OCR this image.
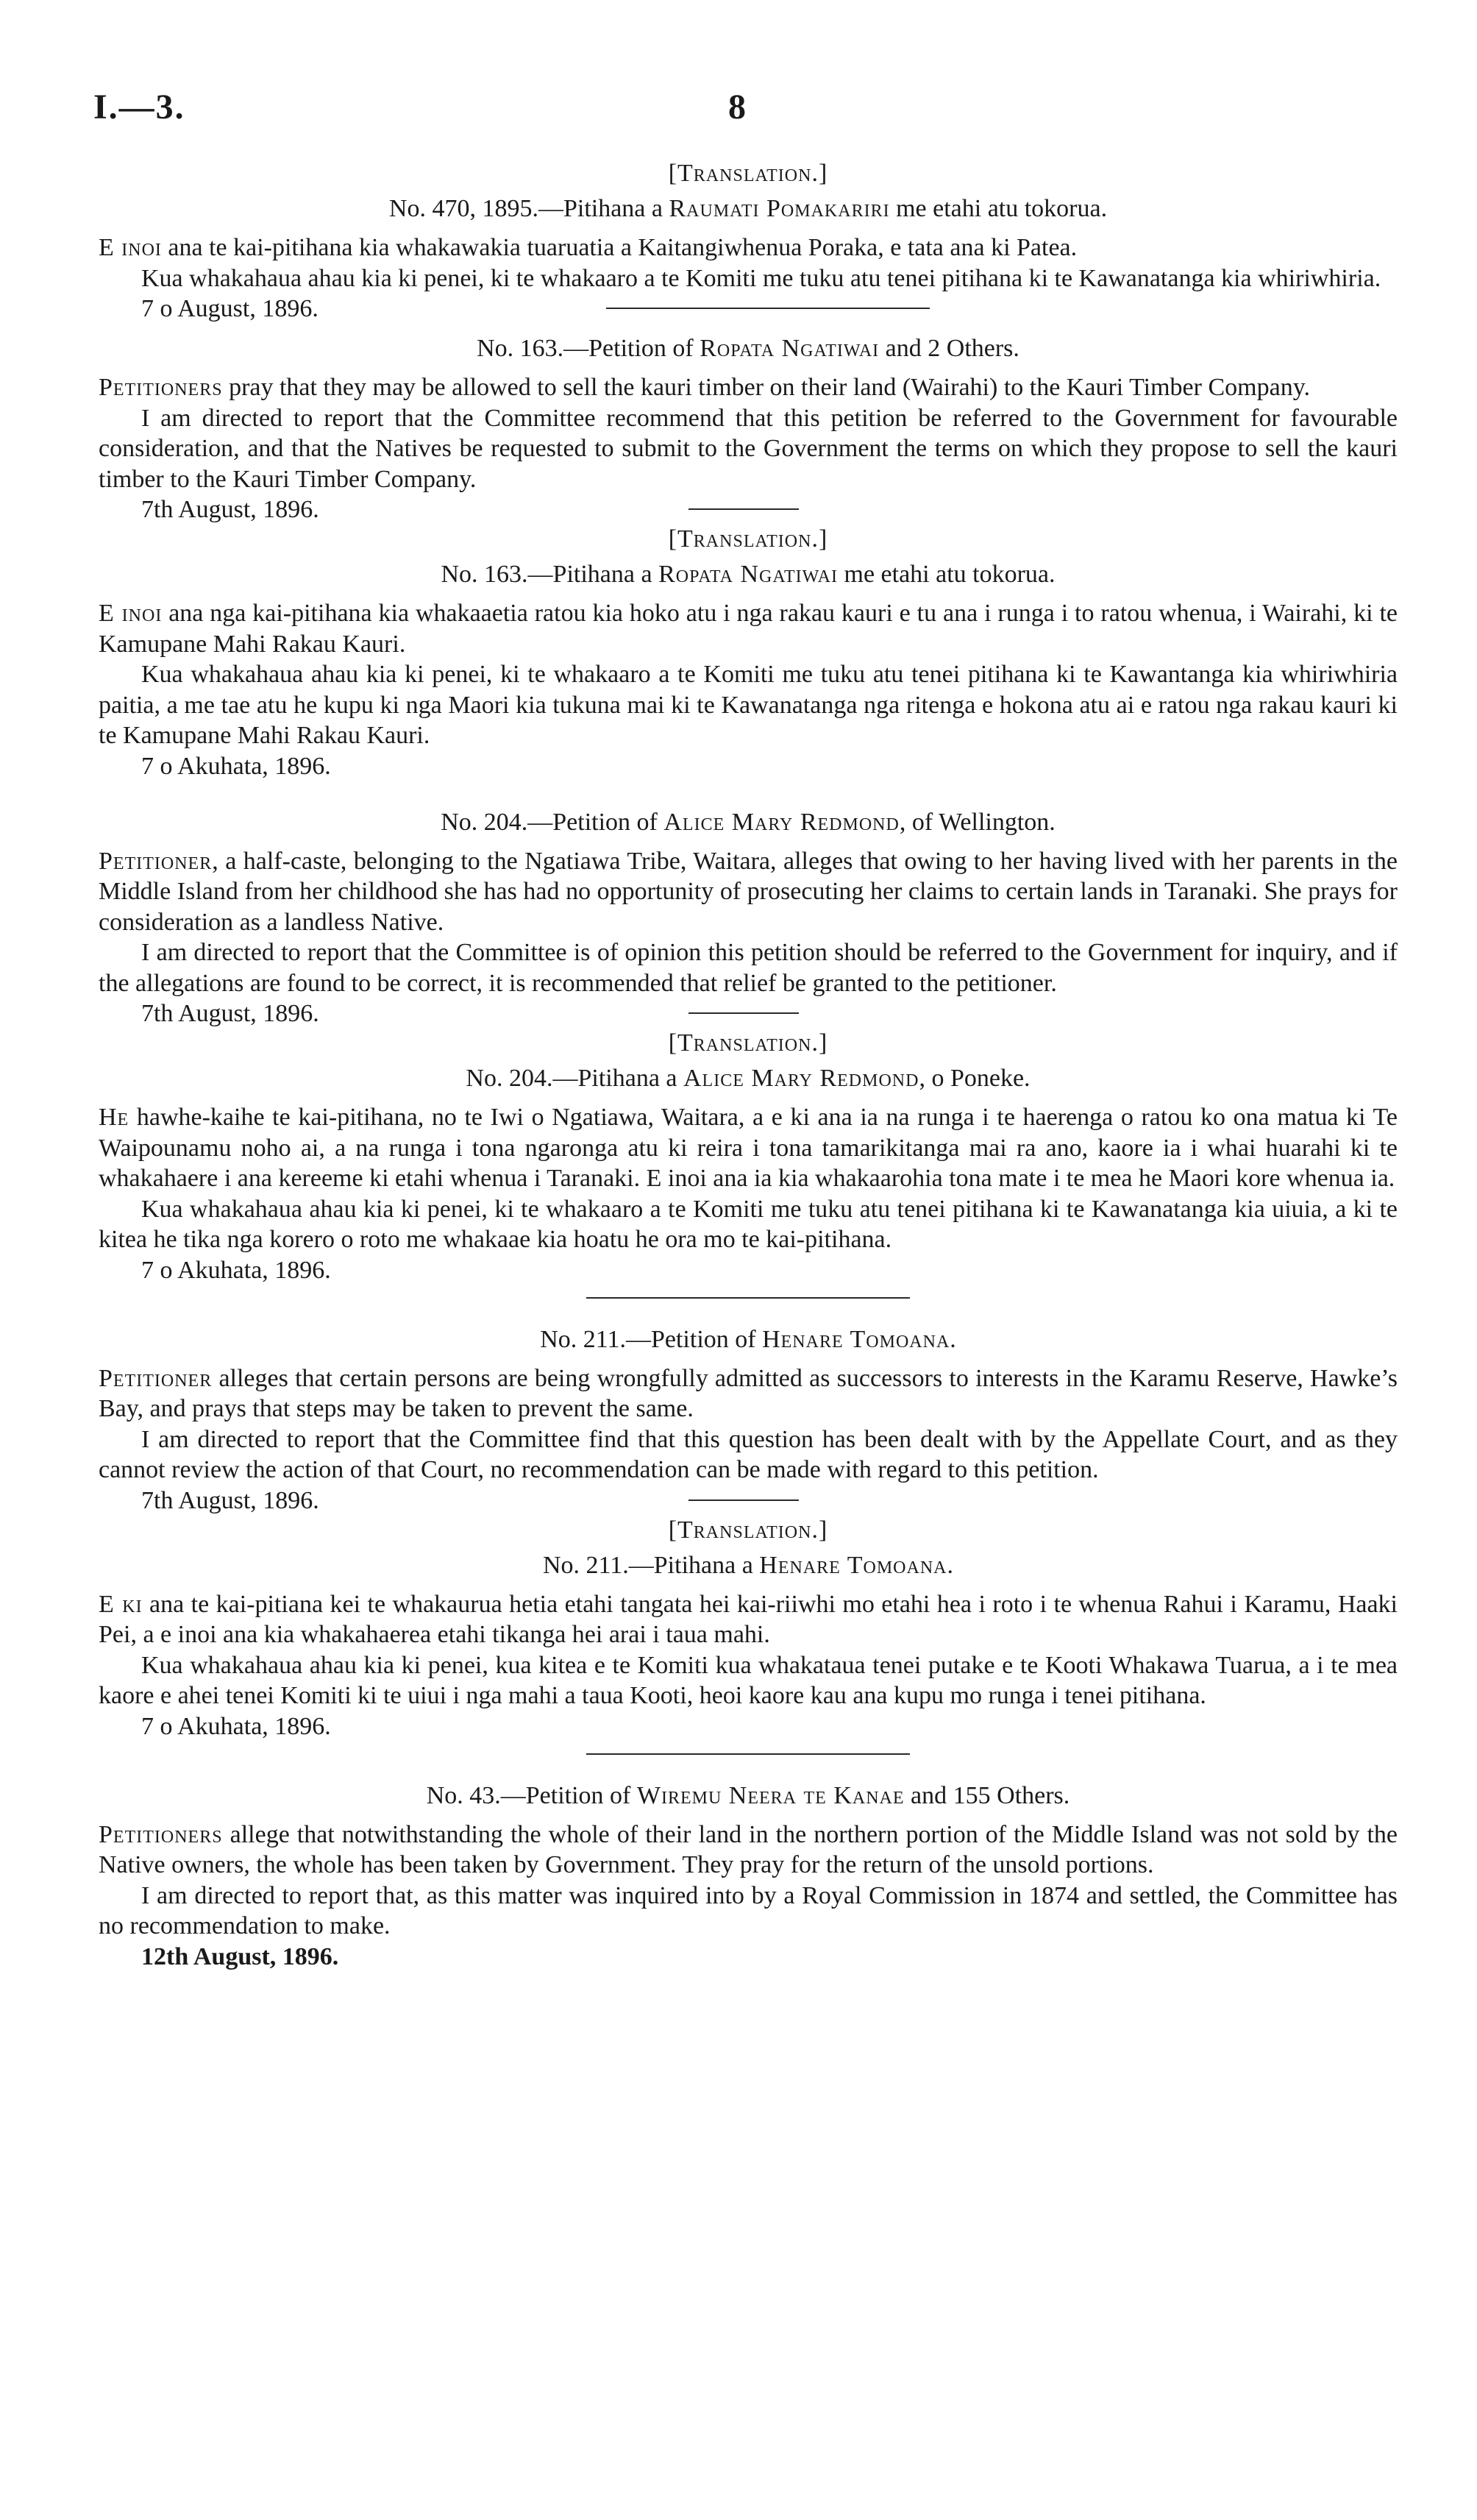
I.—3.	8

[Translation.]

No. 470, 1895.—Pitihana a Raumati Pomakariri me etahi atu tokorua.

E inoi ana te kai-pitihana kia whakawakia tuaruatia a Kaitangiwhenua Poraka, e tata ana ki Patea.

Kua whakahaua ahau kia ki penei, ki te whakaaro a te Komiti me tuku atu tenei pitihana ki te Kawanatanga kia whiriwhiria.

7 o August, 1896.

No. 163.—Petition of Ropata Ngatiwai and 2 Others.

Petitioners pray that they may be allowed to sell the kauri timber on their land (Wairahi) to the Kauri Timber Company.

I am directed to report that the Committee recommend that this petition be referred to the Government for favourable consideration, and that the Natives be requested to submit to the Government the terms on which they propose to sell the kauri timber to the Kauri Timber Company.

7th August, 1896.

[Translation.]

No. 163.—Pitihana a Ropata Ngatiwai me etahi atu tokorua.

E inoi ana nga kai-pitihana kia whakaaetia ratou kia hoko atu i nga rakau kauri e tu ana i runga i to ratou whenua, i Wairahi, ki te Kamupane Mahi Rakau Kauri.

Kua whakahaua ahau kia ki penei, ki te whakaaro a te Komiti me tuku atu tenei pitihana ki te Kawantanga kia whiriwhiria paitia, a me tae atu he kupu ki nga Maori kia tukuna mai ki te Kawanatanga nga ritenga e hokona atu ai e ratou nga rakau kauri ki te Kamupane Mahi Rakau Kauri.

7 o Akuhata, 1896.

No. 204.—Petition of Alice Mary Redmond, of Wellington.

Petitioner, a half-caste, belonging to the Ngatiawa Tribe, Waitara, alleges that owing to her having lived with her parents in the Middle Island from her childhood she has had no opportunity of prosecuting her claims to certain lands in Taranaki. She prays for consideration as a landless Native.

I am directed to report that the Committee is of opinion this petition should be referred to the Government for inquiry, and if the allegations are found to be correct, it is recommended that relief be granted to the petitioner.

7th August, 1896.

[Translation.]

No. 204.—Pitihana a Alice Mary Redmond, o Poneke.

He hawhe-kaihe te kai-pitihana, no te Iwi o Ngatiawa, Waitara, a e ki ana ia na runga i te haerenga o ratou ko ona matua ki Te Waipounamu noho ai, a na runga i tona ngaronga atu ki reira i tona tamarikitanga mai ra ano, kaore ia i whai huarahi ki te whakahaere i ana kereeme ki etahi whenua i Taranaki. E inoi ana ia kia whakaarohia tona mate i te mea he Maori kore whenua ia.

Kua whakahaua ahau kia ki penei, ki te whakaaro a te Komiti me tuku atu tenei pitihana ki te Kawanatanga kia uiuia, a ki te kitea he tika nga korero o roto me whakaae kia hoatu he ora mo te kai-pitihana.

7 o Akuhata, 1896.

No. 211.—Petition of Henare Tomoana.

Petitioner alleges that certain persons are being wrongfully admitted as successors to interests in the Karamu Reserve, Hawke’s Bay, and prays that steps may be taken to prevent the same.

I am directed to report that the Committee find that this question has been dealt with by the Appellate Court, and as they cannot review the action of that Court, no recommendation can be made with regard to this petition.

7th August, 1896.

[Translation.]

No. 211.—Pitihana a Henare Tomoana.

E ki ana te kai-pitiana kei te whakaurua hetia etahi tangata hei kai-riiwhi mo etahi hea i roto i te whenua Rahui i Karamu, Haaki Pei, a e inoi ana kia whakahaerea etahi tikanga hei arai i taua mahi.

Kua whakahaua ahau kia ki penei, kua kitea e te Komiti kua whakataua tenei putake e te Kooti Whakawa Tuarua, a i te mea kaore e ahei tenei Komiti ki te uiui i nga mahi a taua Kooti, heoi kaore kau ana kupu mo runga i tenei pitihana.

7 o Akuhata, 1896.

No. 43.—Petition of Wiremu Neera te Kanae and 155 Others.

Petitioners allege that notwithstanding the whole of their land in the northern portion of the Middle Island was not sold by the Native owners, the whole has been taken by Government. They pray for the return of the unsold portions.

I am directed to report that, as this matter was inquired into by a Royal Commission in 1874 and settled, the Committee has no recommendation to make.

12th August, 1896.
